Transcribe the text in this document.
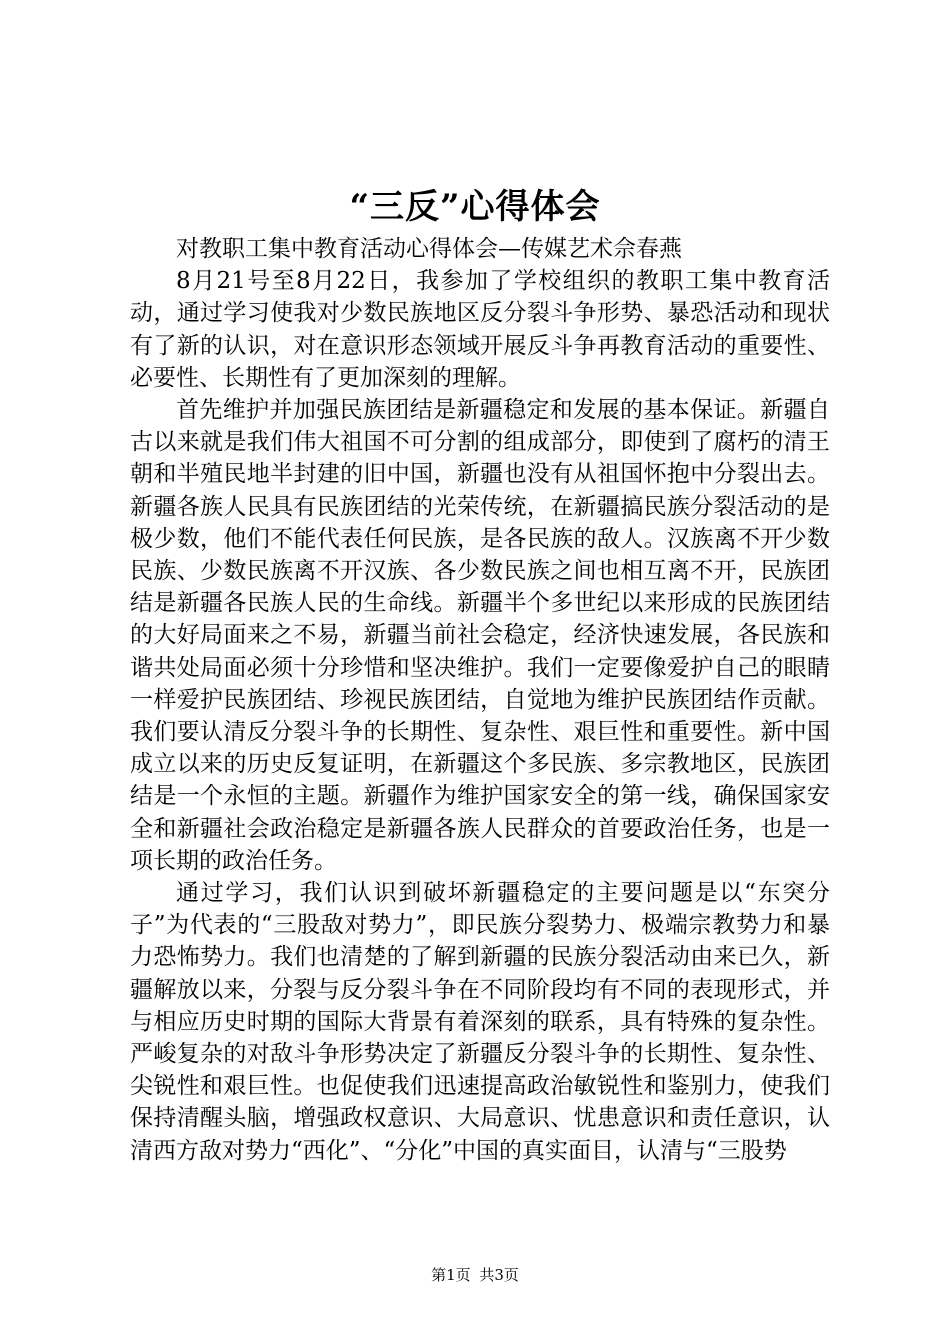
“三反”心得体会

对教职工集中教育活动心得体会—传媒艺术佘春燕

8月21号至8月22日，我参加了学校组织的教职工集中教育活动，通过学习使我对少数民族地区反分裂斗争形势、暴恐活动和现状有了新的认识，对在意识形态领域开展反斗争再教育活动的重要性、必要性、长期性有了更加深刻的理解。

首先维护并加强民族团结是新疆稳定和发展的基本保证。新疆自古以来就是我们伟大祖国不可分割的组成部分，即使到了腐朽的清王朝和半殖民地半封建的旧中国，新疆也没有从祖国怀抱中分裂出去。新疆各族人民具有民族团结的光荣传统，在新疆搞民族分裂活动的是极少数，他们不能代表任何民族，是各民族的敌人。汉族离不开少数民族、少数民族离不开汉族、各少数民族之间也相互离不开，民族团结是新疆各民族人民的生命线。新疆半个多世纪以来形成的民族团结的大好局面来之不易，新疆当前社会稳定，经济快速发展，各民族和谐共处局面必须十分珍惜和坚决维护。我们一定要像爱护自己的眼睛一样爱护民族团结、珍视民族团结，自觉地为维护民族团结作贡献。我们要认清反分裂斗争的长期性、复杂性、艰巨性和重要性。新中国成立以来的历史反复证明，在新疆这个多民族、多宗教地区，民族团结是一个永恒的主题。新疆作为维护国家安全的第一线，确保国家安全和新疆社会政治稳定是新疆各族人民群众的首要政治任务，也是一项长期的政治任务。

通过学习，我们认识到破坏新疆稳定的主要问题是以“东突分子”为代表的“三股敌对势力”，即民族分裂势力、极端宗教势力和暴力恐怖势力。我们也清楚的了解到新疆的民族分裂活动由来已久，新疆解放以来，分裂与反分裂斗争在不同阶段均有不同的表现形式，并与相应历史时期的国际大背景有着深刻的联系，具有特殊的复杂性。严峻复杂的对敌斗争形势决定了新疆反分裂斗争的长期性、复杂性、尖锐性和艰巨性。也促使我们迅速提高政治敏锐性和鉴别力，使我们保持清醒头脑，增强政权意识、大局意识、忧患意识和责任意识，认清西方敌对势力“西化”、“分化”中国的真实面目，认清与“三股势

第1页 共3页
